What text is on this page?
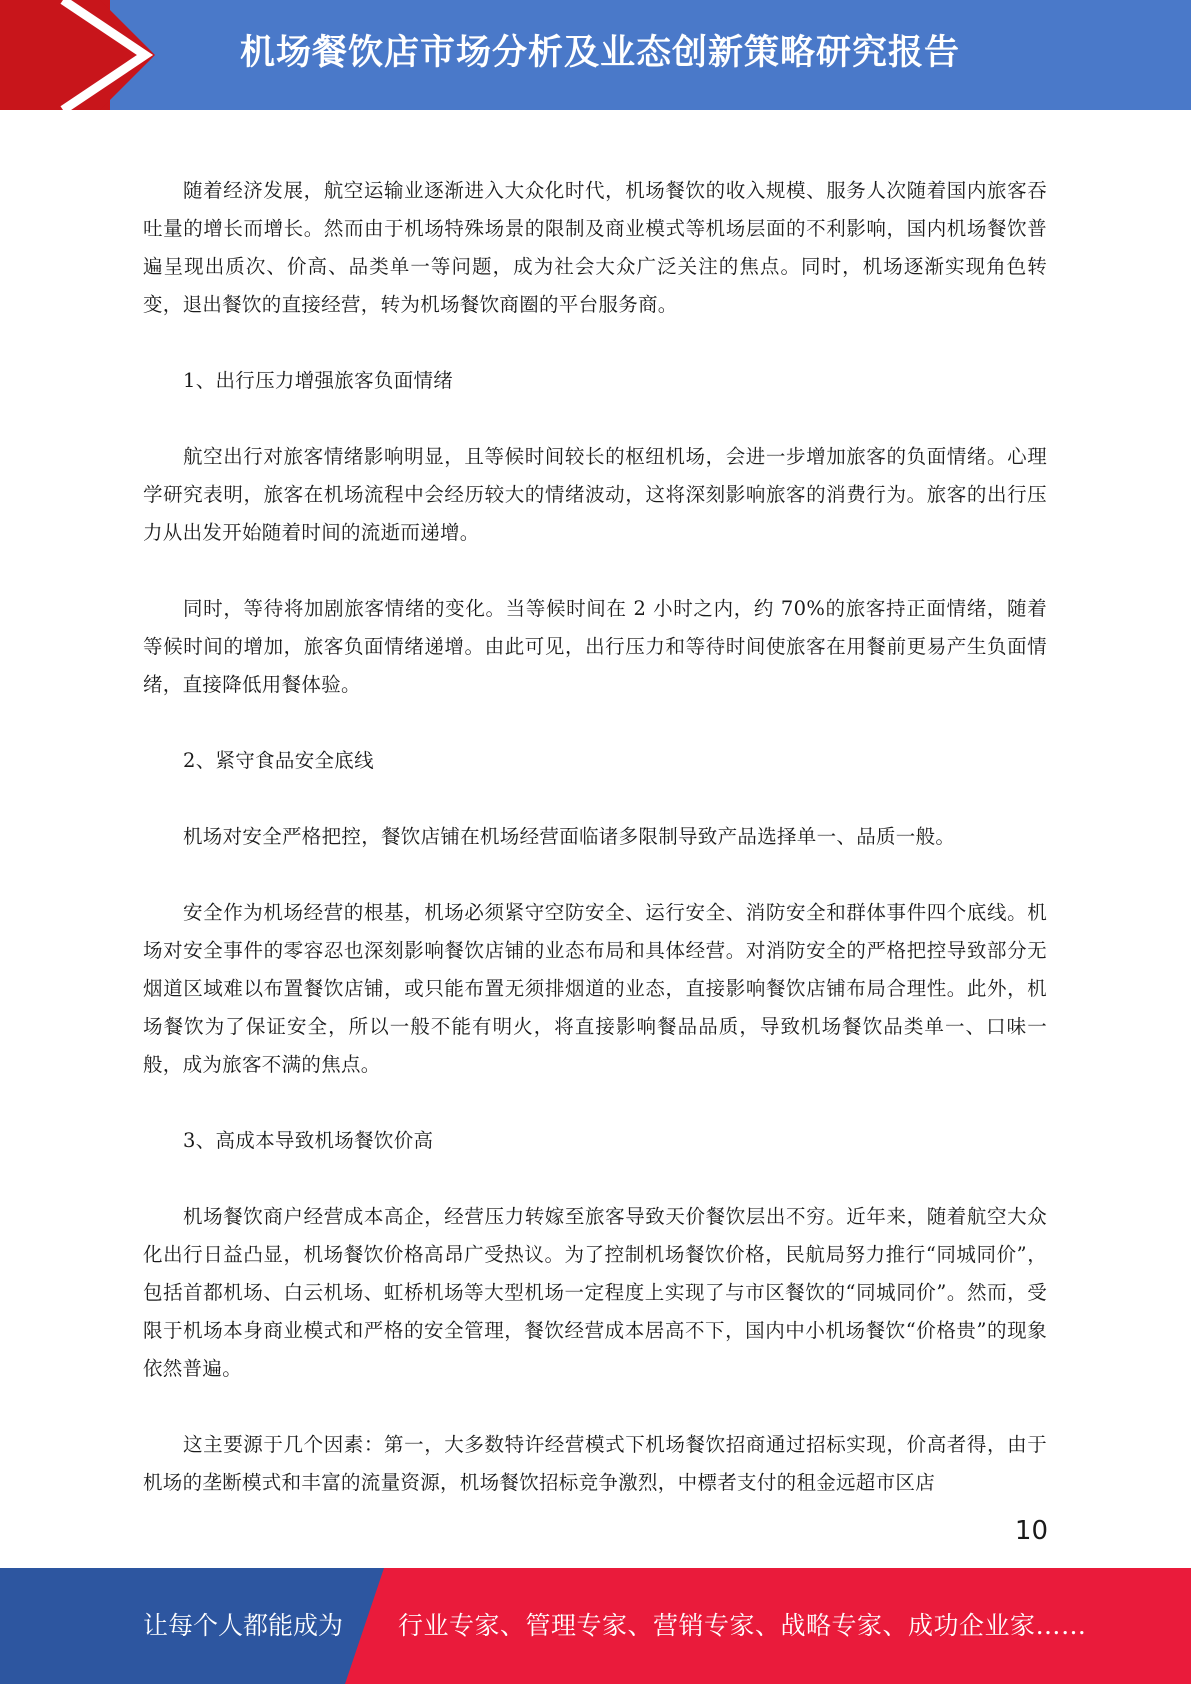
机场餐饮店市场分析及业态创新策略研究报告

随着经济发展，航空运输业逐渐进入大众化时代，机场餐饮的收入规模、服务人次随着国内旅客吞吐量的增长而增长。然而由于机场特殊场景的限制及商业模式等机场层面的不利影响，国内机场餐饮普遍呈现出质次、价高、品类单一等问题，成为社会大众广泛关注的焦点。同时，机场逐渐实现角色转变，退出餐饮的直接经营，转为机场餐饮商圈的平台服务商。

1、出行压力增强旅客负面情绪

航空出行对旅客情绪影响明显，且等候时间较长的枢纽机场，会进一步增加旅客的负面情绪。心理学研究表明，旅客在机场流程中会经历较大的情绪波动，这将深刻影响旅客的消费行为。旅客的出行压力从出发开始随着时间的流逝而递增。

同时，等待将加剧旅客情绪的变化。当等候时间在 2 小时之内，约 70%的旅客持正面情绪，随着等候时间的增加，旅客负面情绪递增。由此可见，出行压力和等待时间使旅客在用餐前更易产生负面情绪，直接降低用餐体验。

2、紧守食品安全底线

机场对安全严格把控，餐饮店铺在机场经营面临诸多限制导致产品选择单一、品质一般。

安全作为机场经营的根基，机场必须紧守空防安全、运行安全、消防安全和群体事件四个底线。机场对安全事件的零容忍也深刻影响餐饮店铺的业态布局和具体经营。对消防安全的严格把控导致部分无烟道区域难以布置餐饮店铺，或只能布置无须排烟道的业态，直接影响餐饮店铺布局合理性。此外，机场餐饮为了保证安全，所以一般不能有明火，将直接影响餐品品质，导致机场餐饮品类单一、口味一般，成为旅客不满的焦点。

3、高成本导致机场餐饮价高

机场餐饮商户经营成本高企，经营压力转嫁至旅客导致天价餐饮层出不穷。近年来，随着航空大众化出行日益凸显，机场餐饮价格高昂广受热议。为了控制机场餐饮价格，民航局努力推行“同城同价”，包括首都机场、白云机场、虹桥机场等大型机场一定程度上实现了与市区餐饮的“同城同价”。然而，受限于机场本身商业模式和严格的安全管理，餐饮经营成本居高不下，国内中小机场餐饮“价格贵”的现象依然普遍。

这主要源于几个因素：第一，大多数特许经营模式下机场餐饮招商通过招标实现，价高者得，由于机场的垄断模式和丰富的流量资源，机场餐饮招标竞争激烈，中標者支付的租金远超市区店

10
让每个人都能成为 行业专家、管理专家、营销专家、战略专家、成功企业家……
